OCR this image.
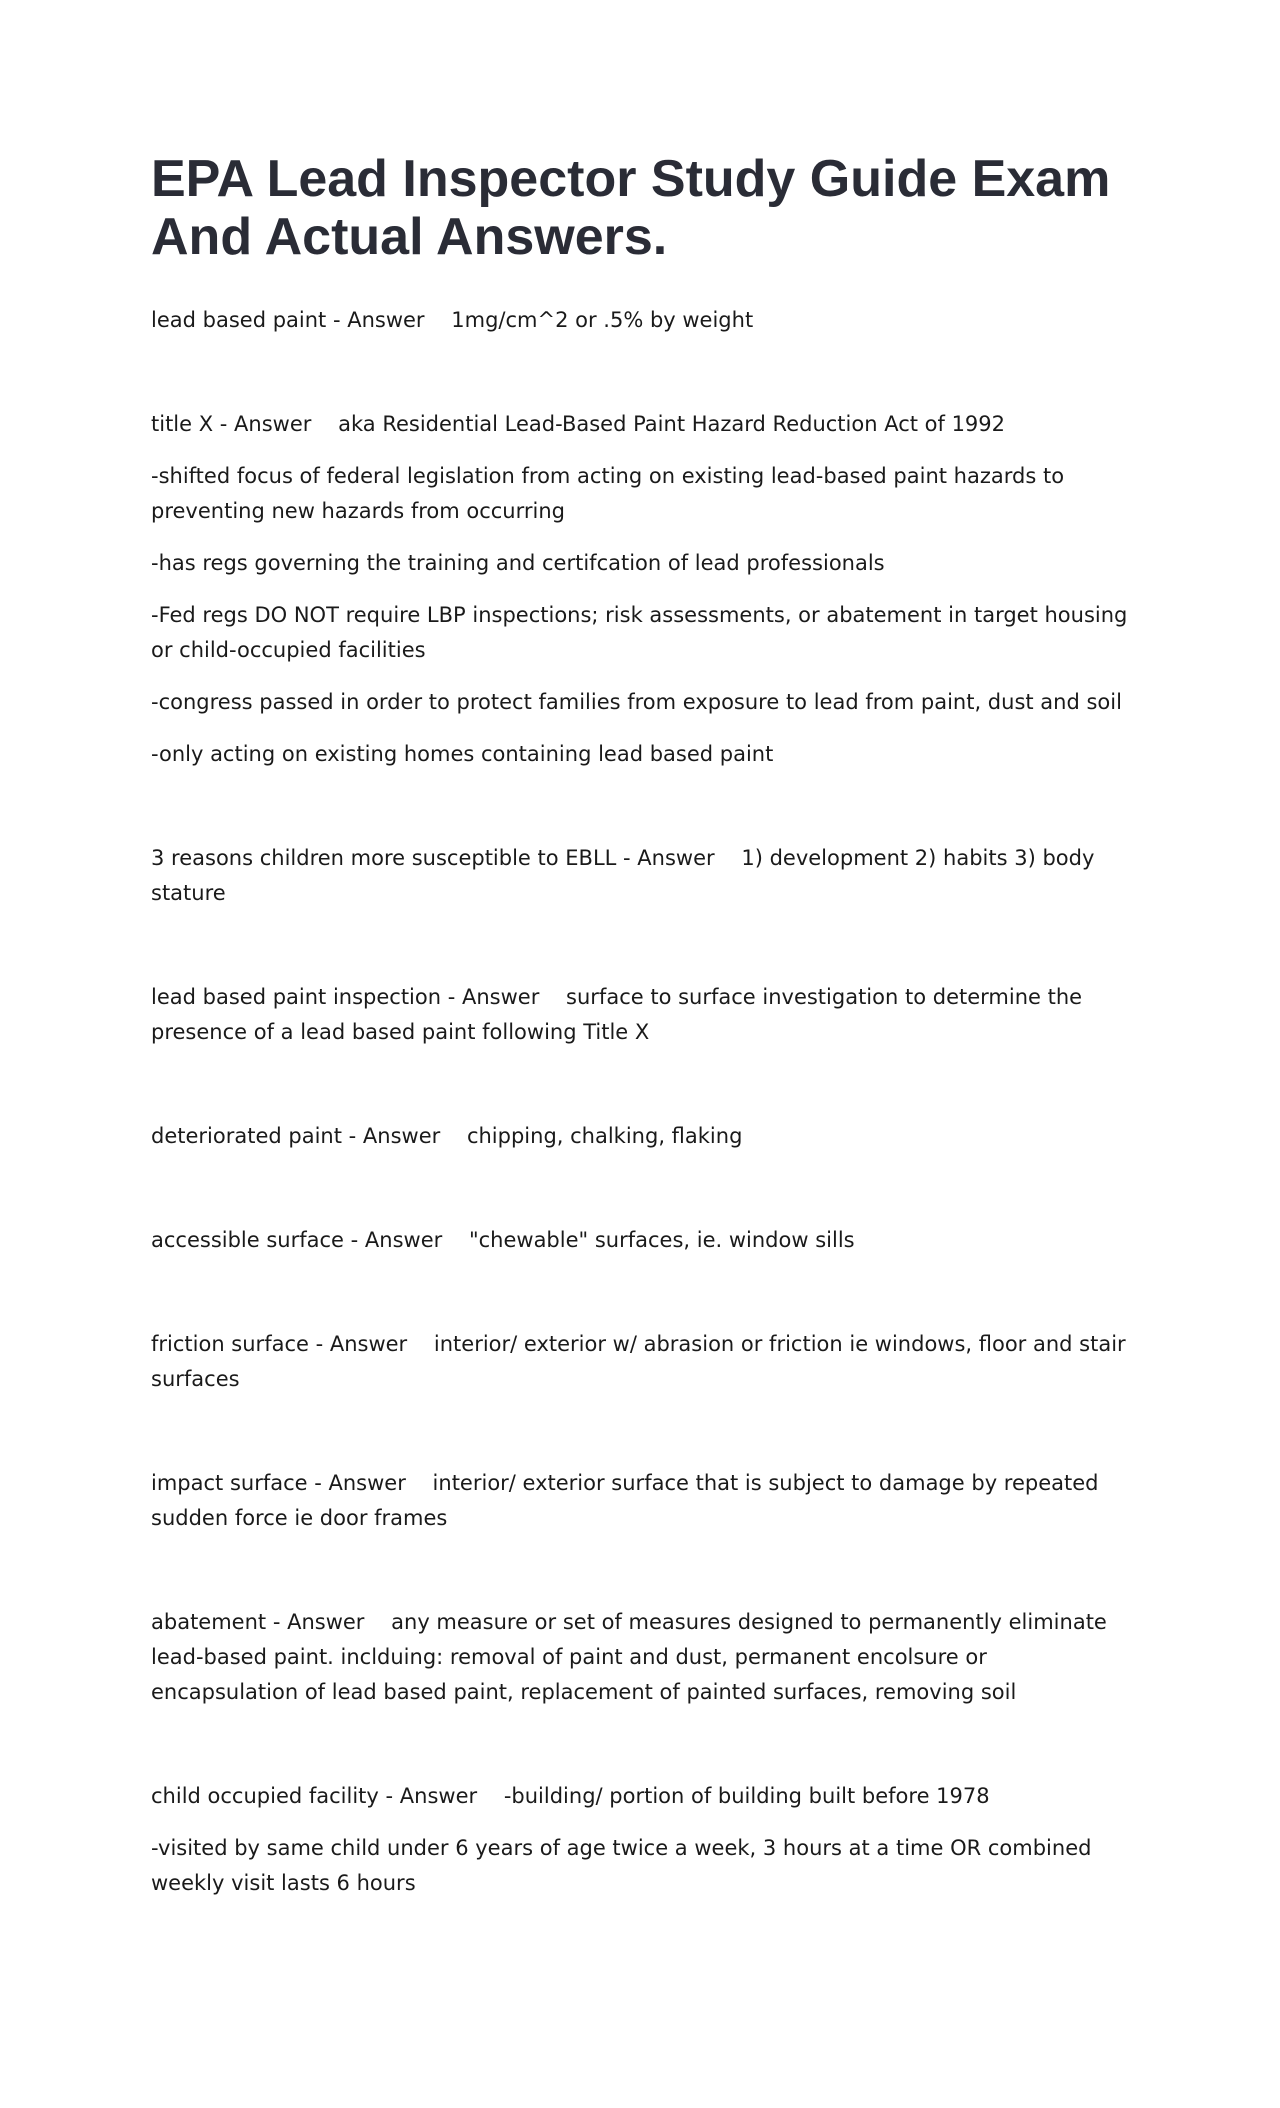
EPA Lead Inspector Study Guide Exam And Actual Answers.

lead based paint - Answer    1mg/cm^2 or .5% by weight

title X - Answer    aka Residential Lead-Based Paint Hazard Reduction Act of 1992

-shifted focus of federal legislation from acting on existing lead-based paint hazards to preventing new hazards from occurring

-has regs governing the training and certifcation of lead professionals

-Fed regs DO NOT require LBP inspections; risk assessments, or abatement in target housing or child-occupied facilities

-congress passed in order to protect families from exposure to lead from paint, dust and soil

-only acting on existing homes containing lead based paint

3 reasons children more susceptible to EBLL - Answer    1) development 2) habits 3) body stature

lead based paint inspection - Answer    surface to surface investigation to determine the presence of a lead based paint following Title X

deteriorated paint - Answer    chipping, chalking, flaking

accessible surface - Answer    "chewable" surfaces, ie. window sills

friction surface - Answer    interior/ exterior w/ abrasion or friction ie windows, floor and stair surfaces

impact surface - Answer    interior/ exterior surface that is subject to damage by repeated sudden force ie door frames

abatement - Answer    any measure or set of measures designed to permanently eliminate lead-based paint. inclduing: removal of paint and dust, permanent encolsure or encapsulation of lead based paint, replacement of painted surfaces, removing soil

child occupied facility - Answer    -building/ portion of building built before 1978

-visited by same child under 6 years of age twice a week, 3 hours at a time OR combined weekly visit lasts 6 hours
